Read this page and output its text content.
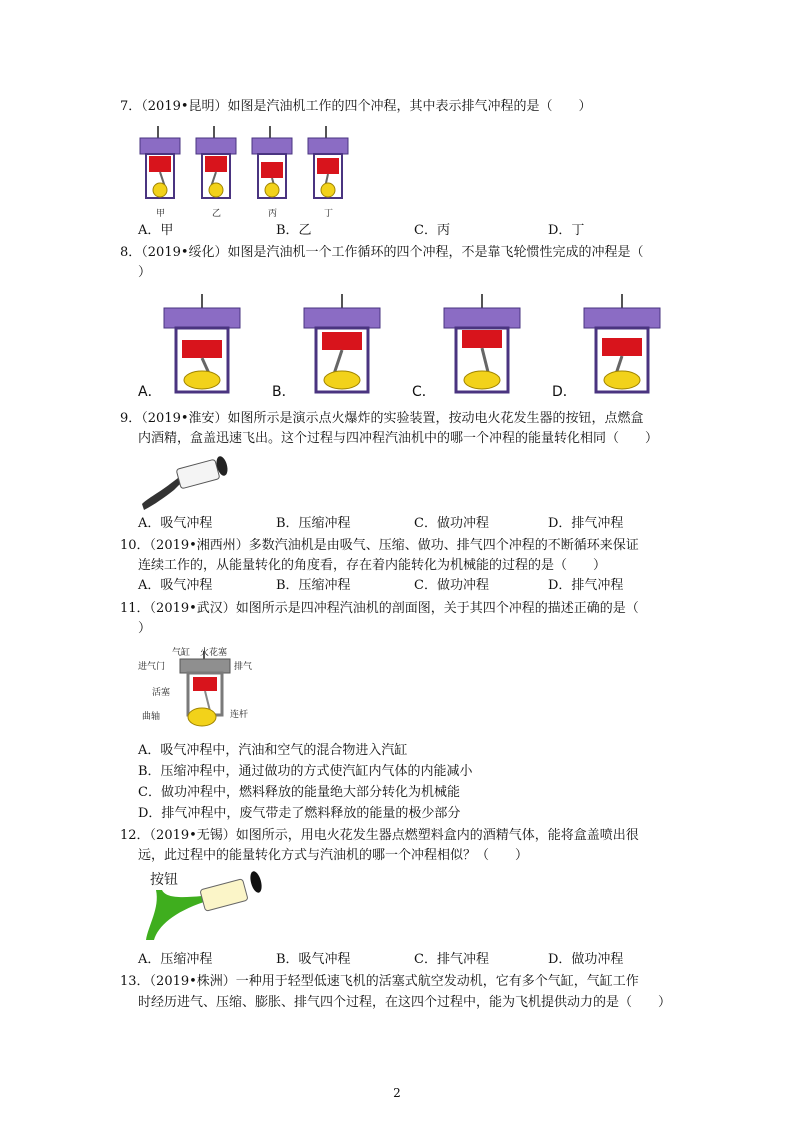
7．（2019•昆明）如图是汽油机工作的四个冲程，其中表示排气冲程的是（　　）
甲	乙	丙	丁
A．甲	B．乙	C．丙	D．丁
8．（2019•绥化）如图是汽油机一个工作循环的四个冲程，不是靠飞轮惯性完成的冲程是（
）
A．	B．	C．	D．
9．（2019•淮安）如图所示是演示点火爆炸的实验装置，按动电火花发生器的按钮，点燃盒
内酒精，盒盖迅速飞出。这个过程与四冲程汽油机中的哪一个冲程的能量转化相同（　　）
A．吸气冲程	B．压缩冲程	C．做功冲程	D．排气冲程
10．（2019•湘西州）多数汽油机是由吸气、压缩、做功、排气四个冲程的不断循环来保证
连续工作的，从能量转化的角度看，存在着内能转化为机械能的过程的是（　　）
A．吸气冲程	B．压缩冲程	C．做功冲程	D．排气冲程
11．（2019•武汉）如图所示是四冲程汽油机的剖面图，关于其四个冲程的描述正确的是（
）
气缸 火花塞
进气门	排气
活塞
曲轴	连杆
A．吸气冲程中，汽油和空气的混合物进入汽缸
B．压缩冲程中，通过做功的方式使汽缸内气体的内能减小
C．做功冲程中，燃料释放的能量绝大部分转化为机械能
D．排气冲程中，废气带走了燃料释放的能量的极少部分
12．（2019•无锡）如图所示，用电火花发生器点燃塑料盒内的酒精气体，能将盒盖喷出很
远，此过程中的能量转化方式与汽油机的哪一个冲程相似？（　　）
按钮
A．压缩冲程	B．吸气冲程	C．排气冲程	D．做功冲程
13．（2019•株洲）一种用于轻型低速飞机的活塞式航空发动机，它有多个气缸，气缸工作
时经历进气、压缩、膨胀、排气四个过程，在这四个过程中，能为飞机提供动力的是（　　）
2
